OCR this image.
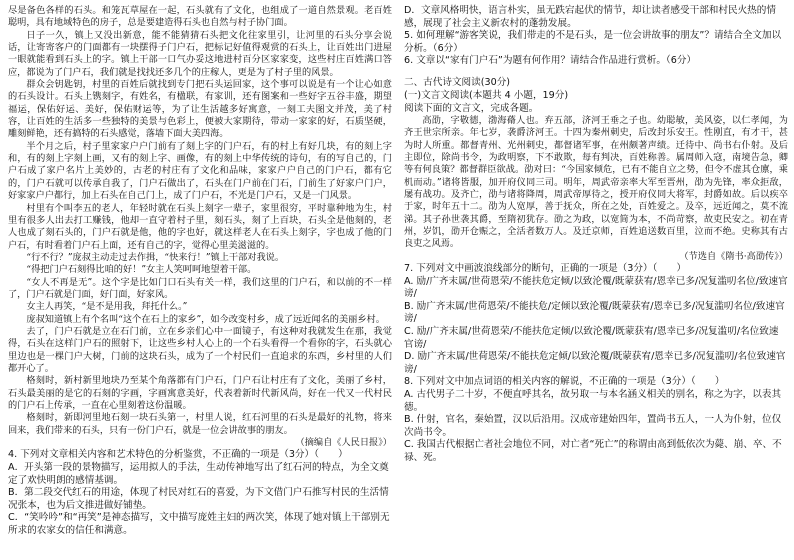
尽是备色各样的石头。和笼瓦草屋在一起，石头就有了文化，也组成了一道自然景观。老百姓聪明，具有地域特色的房子，总是要建造得石头也自然与村子协门面。

日子一久，镇上又没出新意，能不能猜猜石头把文化往家里引，让河里的石头分享会说话，让寄寄客户的门面都有一块摆得子门户石，把标记好值得观赏的石头上，让百姓出门进屋一眼就能看到石头上的字。镇上干部一口气办妥这地进村百分区家家变，这些村庄百姓满口答应，都说为了门户石，我们就是找找还多几个的庄稼人，更是为了村子里的风景。

群众会钥匙钥，村里的百姓后就找到专门把石头运回家，这个事可以说是有一个让心如意的石头设计。石头上镌刻字，有姓名，有楹联，有家训，还有图案和一些好字五谷丰盛，期望福运，保佑好运、美好，保佑财运等，为了让生活越多好寓意，一刻工夫图文并茂，美了村容，让百姓的生活多一些独特的美景与色彩上，便被大家期待，带动一家家的好，石质坚硬，雕刻鲜艳，还有搞特的石头感觉，落墙下面大美四海。

半个月之后，村子里家家户户门前有了刻上字的门户石，有的村上有好几块，有的刻上字和，有的刻上字刻上画，又有的刻上字、画像，有的刻上中华传统的诗句，有的写自己的，门户石成了家户名片上美妙的，古老的村庄有了文化和品味，家家户户自己的门户石，都有它的，门户石就可以传承自我了，门户石做出了，石头在门户前在门石，门前生了好家户门户，好家家户户都行，加上石头在自己门上，成了门户石，不光是门户石，又是一门风景。

村里有个叫李五的老人，年轻时就在石头上刻字一辈子，家里很穷，平时靠种地为生，村里有很多人出去打工赚钱，他却一直守着村子里，刻石头，刻了上百块，石头全是他刻的，老人也成了刻石头的，门户石就是他，他的字也好，就这样老人在石头上刻字，字也成了他的门户石，有时看着门户石上面，还有自己的字，觉得心里美滋滋的。

“行不行？”庞叔主动走过去作揖，“快来行！”镇上干部对我说。

“得把门户石刻得比咱的好！”女主人笑呵呵地望着干部。

“女人不再是无”。这个字是比如门口石头有关一样，我们这里的门户石，和以前的不一样了，门户石就是门面，好门面，好家风。

女主人再笑，“是不是用我，拜托什么。”

庞叔知道镇上有个名叫“这个在石上的家乡”，如今改变村乡，成了远近闻名的美丽乡村。

去了，门户石就是立在石门前，立在乡亲们心中一面镜子，有这种对我就发生在那，我觉得，石头在这样门户石的照射下，让这些乡村人心上的一个石头看得一个看你的字，石头就心里边也是一棵门户大树，门前的这块石头，成为了一个村民们一直追求的东西，乡村里的人们都开心了。

格刻时，新村新里地块乃至某个角落都有门户石，门户石让村庄有了文化，美丽了乡村，石头最美丽的是它的石刻的字画，字画寓意美好，代表着新时代新风尚，好在一代又一代村民的门户石上传承，一直在心里刻着这份温暖。

格刻时，新即河里地石刻一块石头第一，村里人说，红石河里的石头是最好的礼物，将来回来，我们带来的石头，只有一份门户石，就是一位会讲故事的朋友。

（摘编自《人民日报》）

4. 下列对文章相关内容和艺术特色的分析鉴赏，不正确的一项是（3分）（　　）

A．开头第一段的景物描写，运用拟人的手法，生动传神地写出了红石河的特点，为全文奠定了欢快明朗的感情基调。

B．第二段交代红石的用途，体现了村民对红石的喜爱，为下文借门户石推写村民的生活情况张本，也为后文推进做好铺垫。

C．“笑吟吟”和“再笑”是神态描写，文中描写庞姓主妇的两次笑，体现了她对镇上干部别无所求的农家女的信任和满意。

D．文章风格明快，语言朴实，虽无跌宕起伏的情节，却让读者感受干部和村民火热的情感，展现了社会主义新农村的蓬勃发展。

5. 如何理解“游客笑说，我们带走的不是石头，是一位会讲故事的朋友”？请结合全文加以分析。（6分）

6. 文章以“家有门户石”为题有何作用？请结合作品进行赏析。（6分）

二、古代诗文阅读(30分)

(一)文言文阅读(本题共 4 小题，19分)

阅读下面的文言文，完成各题。

高劭，字敬德，渤海蓨人也。弃五部，济河王垂之子也。幼聪敏，美风姿，以仁孝闻，为齐王世宗所亲。年七岁，袭爵济河王。十四为秦州刺史，后改封乐安王。性刚直，有才干，甚为时人所重。都督青州、光州刺史，都督诸军事，在州颇著声绩。迁待中、尚书右仆射。及后主即位，除尚书令，为政明察，下不敢欺，每有判决，百姓称善。属周师入寇，南境告急，卿等有何良策？都督群臣欲战。劭对曰：“今国家倾危，已有不能自立之势，但令不虚其仓廪，乘机而动。”诸将皆服，加开府仪同三司。明年，周武帝亲率大军至晋州，劭为先锋，率众拒敌，屡有战功。及齐亡，劭与诸将降周，周武帝厚待之，授开府仪同大将军，封爵如故。后以疾卒于家，时年五十二。劭为人宽厚，善于抚众，所在之处，百姓爱之。及卒，远近闻之，莫不流涕。其子孙世袭其爵，至隋初犹存。劭之为政，以宽简为本，不尚苛察，故吏民安之。初在青州，岁饥，劭开仓赈之，全活者数万人。及迁京师，百姓追送数百里，泣而不绝。史称其有古良吏之风焉。

（节选自《隋书·高劭传》）

7. 下列对文中画波浪线部分的断句，正确的一项是（3分）（　　）

A. 励/广齐末属/世荷恩荣/不能扶危定倾/以致沦覆/既蒙获宥/恩幸已多/况复滥叨名位/致速官谤/

B. 励广齐末属/世荷恩荣/不能扶危/定倾以致沦覆/既蒙获宥/恩幸已多/况复滥叨名位/致速官谤/

C. 励/广齐末属/世荷恩荣/不能扶危定倾/以致沦覆/既蒙获宥/恩幸已多/况复滥叨/名位致速官谤/

D. 励广齐末属/世荷恩荣/不能扶危定倾/以致沦覆/既蒙获宥/恩幸已多/况复滥叨/名位致速官谤/

8. 下列对文中加点词语的相关内容的解说，不正确的一项是（3分）（　　）

A. 古代男子二十岁，不便直呼其名，故另取一与本名涵义相关的别名，称之为字，以表其德。

B. 什射，官名，秦始置，汉以后沿用。汉成帝建始四年，置尚书五人，一人为仆射，位仅次尚书令。

C. 我国古代根据亡者社会地位不同，对亡者“死亡”的称谓由高到低依次为薨、崩、卒、不禄、死。
